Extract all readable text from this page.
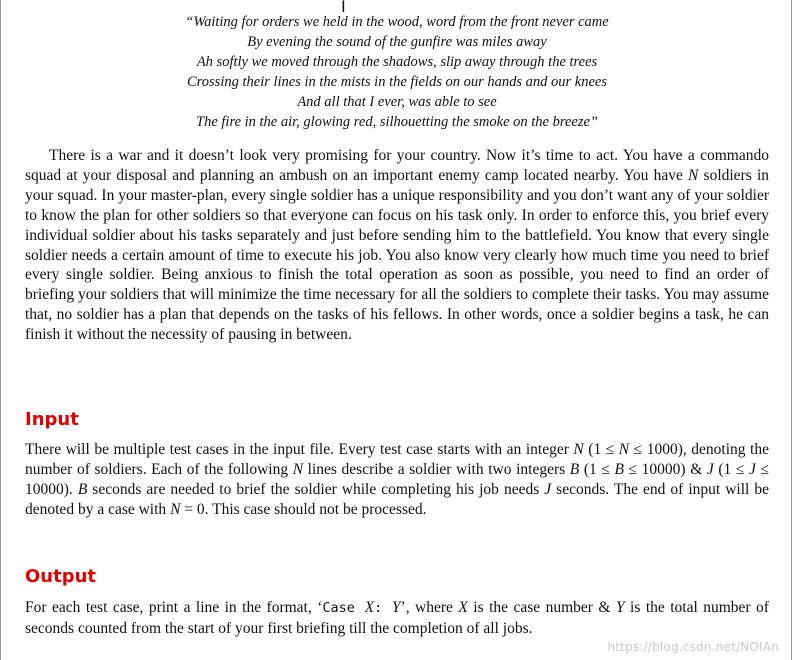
I
“Waiting for orders we held in the wood, word from the front never came
By evening the sound of the gunfire was miles away
Ah softly we moved through the shadows, slip away through the trees
Crossing their lines in the mists in the fields on our hands and our knees
And all that I ever, was able to see
The fire in the air, glowing red, silhouetting the smoke on the breeze”

There is a war and it doesn’t look very promising for your country. Now it’s time to act. You have a commando squad at your disposal and planning an ambush on an important enemy camp located nearby. You have N soldiers in your squad. In your master-plan, every single soldier has a unique responsibility and you don’t want any of your soldier to know the plan for other soldiers so that everyone can focus on his task only. In order to enforce this, you brief every individual soldier about his tasks separately and just before sending him to the battlefield. You know that every single soldier needs a certain amount of time to execute his job. You also know very clearly how much time you need to brief every single soldier. Being anxious to finish the total operation as soon as possible, you need to find an order of briefing your soldiers that will minimize the time necessary for all the soldiers to complete their tasks. You may assume that, no soldier has a plan that depends on the tasks of his fellows. In other words, once a soldier begins a task, he can finish it without the necessity of pausing in between.

Input

There will be multiple test cases in the input file. Every test case starts with an integer N (1 ≤ N ≤ 1000), denoting the number of soldiers. Each of the following N lines describe a soldier with two integers B (1 ≤ B ≤ 10000) & J (1 ≤ J ≤ 10000). B seconds are needed to brief the soldier while completing his job needs J seconds. The end of input will be denoted by a case with N = 0. This case should not be processed.

Output

For each test case, print a line in the format, ‘Case X: Y’, where X is the case number & Y is the total number of seconds counted from the start of your first briefing till the completion of all jobs.

https://blog.csdn.net/NOIAn
